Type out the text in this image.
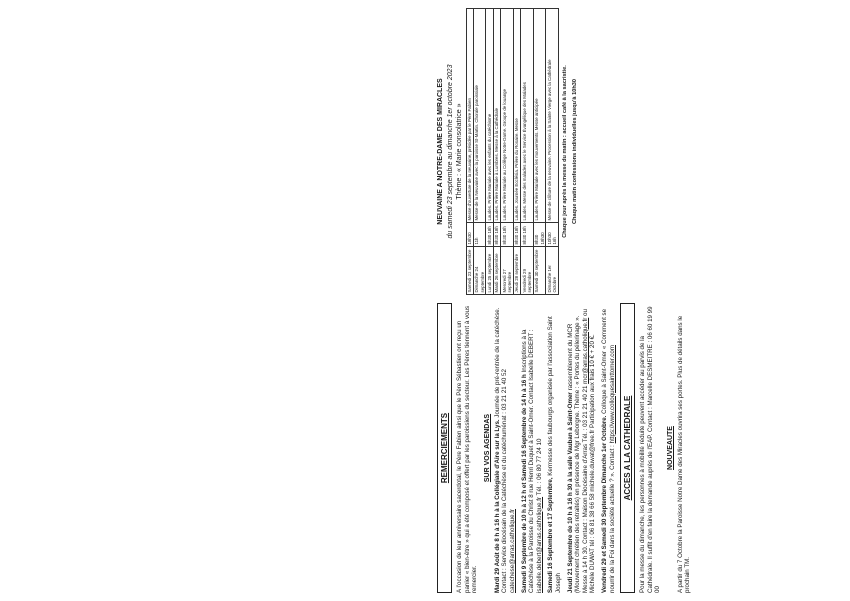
REMERCIEMENTS	A l'occasion de leur anniversaire sacerdotal, le Père Fabien ainsi que le Père Sébastien ont reçu un panier « bien-être » qui a été composé et offert par les paroissiens du secteur. Les Pères tiennent à vous remercier.

SUR VOS AGENDAS Mardi 29 Août de 8 h à 16 h à la Collégiale d'Aire sur la Lys. Journée de pré-rentrée de la catéchèse. Contact : Service diocésain de la Catéchèse et du catéchuménat : 03 21 21 40 52 catechese@arras.catholique.fr Samedi 9 Septembre de 10 h à 12 h et Samedi 16 Septembre de 14 h à 16 h Inscriptions à la Catéchèse à la Paroisse du Christ 8 rue Henri Duquet à Saint-Omer. Contact Isabelle DEBERT : isabelle.debert@arras.catholique.fr Tél. : 06 80 77 24 10

Samedi 16 Septembre et 17 Septembre, Kermesse des faubourgs organisée par l'association Saint Joseph Jeudi 21 Septembre de 10 h à 16 h 30 à la salle Vauban à Saint-Omer rassemblement du MCR (Mouvement chrétien des retraités) en présence de Mgr Leborgne. Thème : « Portes du pélerinage ». Messe à 14 h 30. Contact : Maison Diocésaine d'Arras Tél. : 03 21 21 40 21 mcr@arras.catholique.fr ou Michèle DUWAT tél : 06 81 38 66 58 michele.duwat@free.fr Participation aux frais 10 € + 20 €. Vendredi 29 et Samedi 30 Septembre Dimanche 1er Octobre. Colloque à Saint-Omer « Comment se nourrir de la Foi dans la société actuelle ? ». Contact : https://www.colloquesainttomer.com

ACCES A LA CATHEDRALE	Pour la messe du dimanche, les personnes à mobilité réduite peuvent accéder au parvis de la Cathédrale. Il suffit d'en faire la demande auprès de l'EAP. Contact : Marcelle DESMEITRE : 06 60 19 99 00

NOUVEAUTE A partir du 7 Octobre la Paroisse Notre Dame des Miracles ouvrira ses portes. Plus de détails dans le prochain TM.

NEUVAINE A NOTRE-DAME DES MIRACLES du samedi 23 septembre au dimanche 1er octobre 2023 Thème : « Marie consolatrice »
Samedi 23 septembre	18h30	Messe d'ouverture de la neuvaine, présidée par le Père Fabien
Dimanche 24 septembre	11h	Messe de la Neuvaine avec la paroisse St-Martin. Chorale paroissiale
Lundi 25 septembre	8h30 18h	Laudes. Prière Mariale avec les enfants du catéchisme
Mardi 26 septembre	8h30 18h	Laudes. Prière Mariale à Lumbres. Messe à la Cathédrale
Mercredi 27 septembre	8h30 18h	Laudes. Prière Mariale au Collège Notre-Dame. Groupe de louange
Jeudi 28 septembre	8h30 18h	Laudes. Journée Ecclésia. Prière du Rosaire. Messe
Vendredi 29 septembre	8h30 18h	Laudes. Messe des malades avec le Service Évangélique des Malades
Samedi 30 septembre	8h30 18h30	Laudes. Prière Mariale avec les mouvements. Messe anticipée
Dimanche 1er Octobre	10h30 16h	Messe de clôture de la neuvaine. Procession à la Sainte Vierge avec la Cathédrale Chaque jour après la messe du matin : accueil café à la sacristie. Chaque matin confessions individuelles jusqu'à 10h30
